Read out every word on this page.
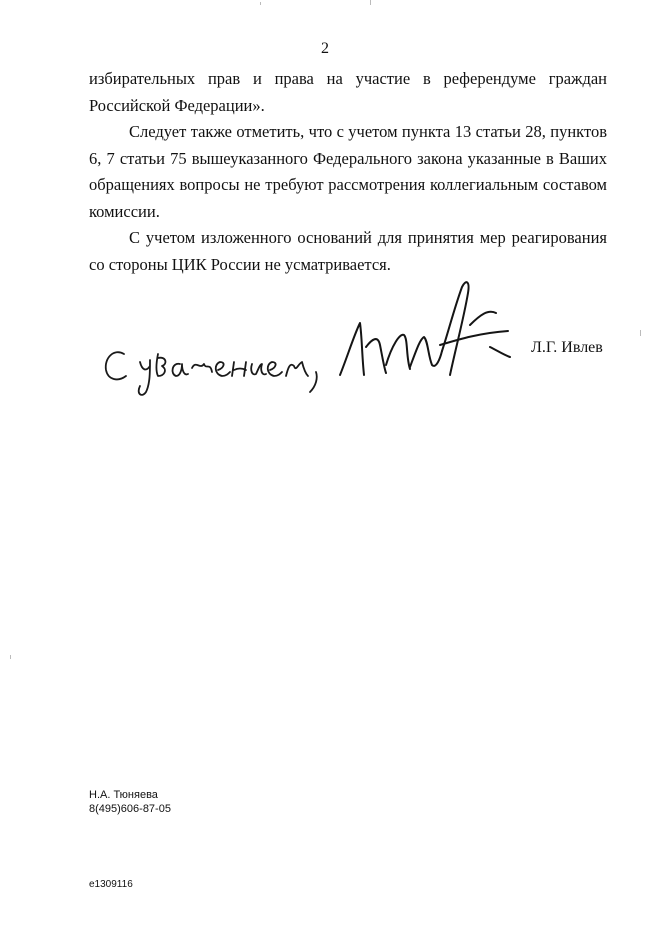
2

избирательных прав и права на участие в референдуме граждан Российской Федерации».

Следует также отметить, что с учетом пункта 13 статьи 28, пунктов 6, 7 статьи 75 вышеуказанного Федерального закона указанные в Ваших обращениях вопросы не требуют рассмотрения коллегиальным составом комиссии.

С учетом изложенного оснований для принятия мер реагирования со стороны ЦИК России не усматривается.

Л.Г. Ивлев
Н.А. Тюняева
8(495)606-87-05
e1309116
